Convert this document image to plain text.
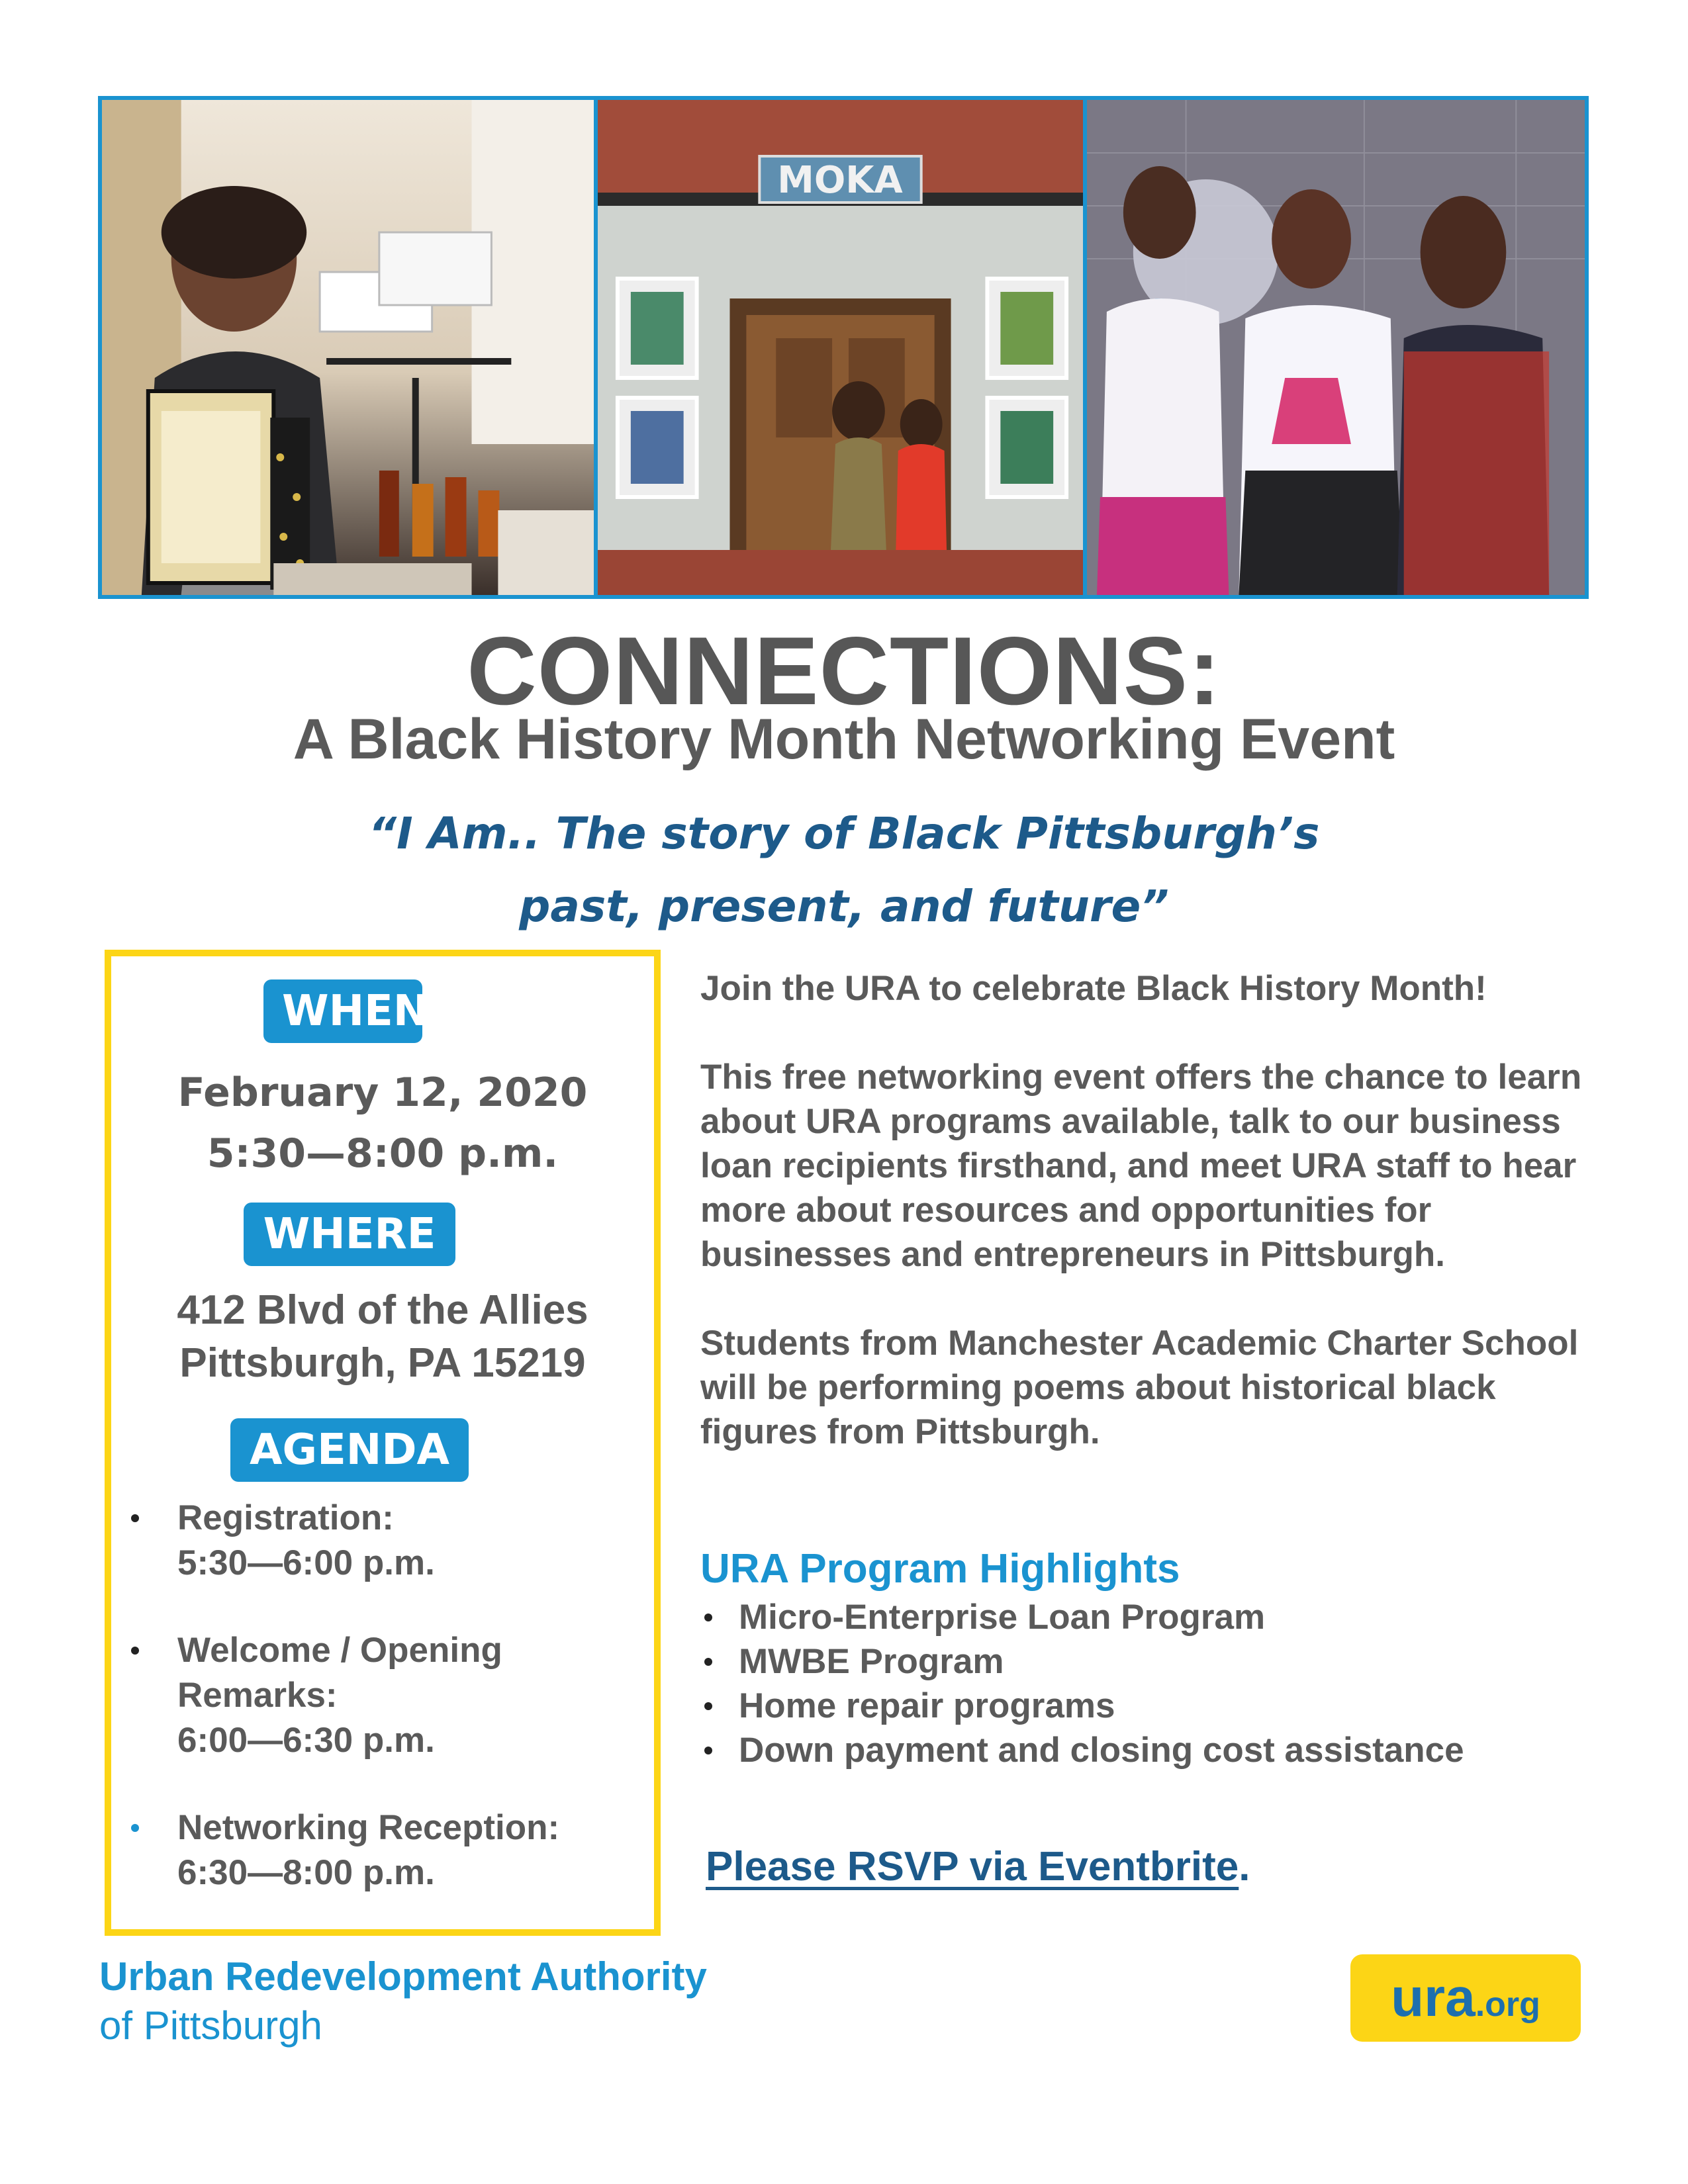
MOKA
CONNECTIONS:
A Black History Month Networking Event
“I Am.. The story of Black Pittsburgh’s
past, present, and future”
WHEN
February 12, 2020
5:30—8:00 p.m.
WHERE
412 Blvd of the Allies
Pittsburgh, PA 15219
AGENDA
Registration:
5:30—6:00 p.m.
Welcome / Opening
Remarks:
6:00—6:30 p.m.
Networking Reception:
6:30—8:00 p.m.

Join the URA to celebrate Black History Month!

This free networking event offers the chance to learn about URA programs available, talk to our business loan recipients firsthand, and meet URA staff to hear more about resources and opportunities for businesses and entrepreneurs in Pittsburgh.

Students from Manchester Academic Charter School will be performing poems about historical black figures from Pittsburgh.

URA Program Highlights
Micro-Enterprise Loan Program
MWBE Program
Home repair programs
Down payment and closing cost assistance
Please RSVP via Eventbrite.
Urban Redevelopment Authority
of Pittsburgh	ura.org
